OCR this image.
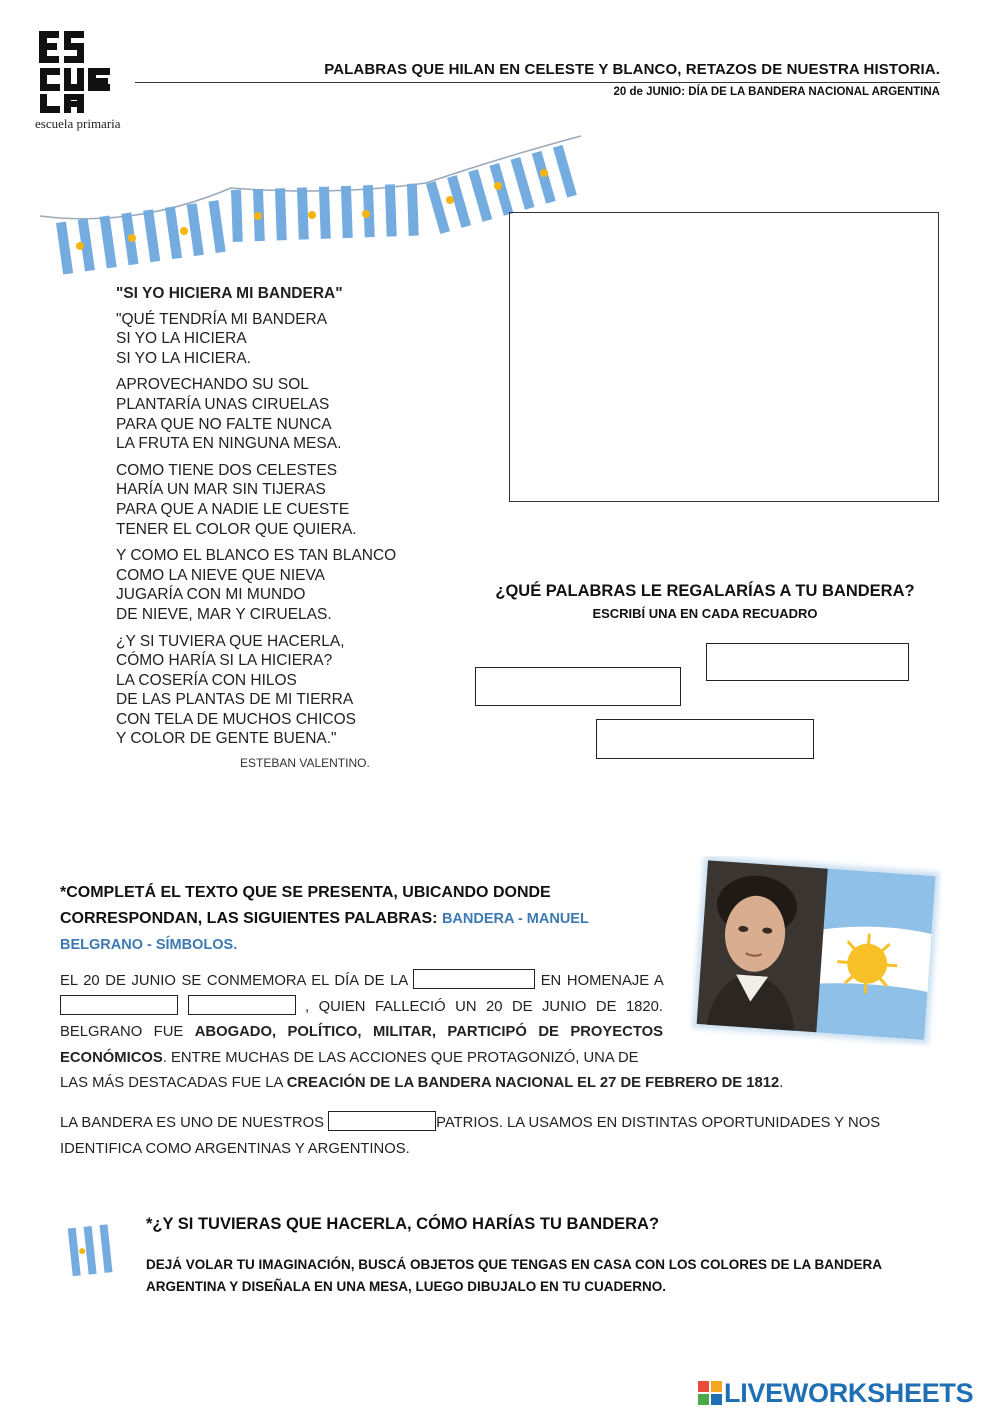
escuela primaria
PALABRAS QUE HILAN EN CELESTE Y BLANCO, RETAZOS DE NUESTRA HISTORIA.
20 de JUNIO: DÍA DE LA BANDERA NACIONAL ARGENTINA
"SI YO HICIERA MI BANDERA"
"QUÉ TENDRÍA MI BANDERA
SI YO LA HICIERA
SI YO LA HICIERA.
APROVECHANDO SU SOL
PLANTARÍA UNAS CIRUELAS
PARA QUE NO FALTE NUNCA
LA FRUTA EN NINGUNA MESA.
COMO TIENE DOS CELESTES
HARÍA UN MAR SIN TIJERAS
PARA QUE A NADIE LE CUESTE
TENER EL COLOR QUE QUIERA.
Y COMO EL BLANCO ES TAN BLANCO
COMO LA NIEVE QUE NIEVA
JUGARÍA CON MI MUNDO
DE NIEVE, MAR Y CIRUELAS.
¿Y SI TUVIERA QUE HACERLA,
CÓMO HARÍA SI LA HICIERA?
LA COSERÍA CON HILOS
DE LAS PLANTAS DE MI TIERRA
CON TELA DE MUCHOS CHICOS
Y COLOR DE GENTE BUENA."
ESTEBAN VALENTINO.
¿QUÉ PALABRAS LE REGALARÍAS A TU BANDERA?
ESCRIBÍ UNA EN CADA RECUADRO
*COMPLETÁ EL TEXTO QUE SE PRESENTA, UBICANDO DONDE CORRESPONDAN, LAS SIGUIENTES PALABRAS: BANDERA - MANUEL BELGRANO - SÍMBOLOS.
EL 20 DE JUNIO SE CONMEMORA EL DÍA DE LA	EN HOMENAJE A   , QUIEN FALLECIÓ UN 20 DE JUNIO DE 1820. BELGRANO FUE ABOGADO, POLÍTICO, MILITAR, PARTICIPÓ DE PROYECTOS ECONÓMICOS. ENTRE MUCHAS DE LAS ACCIONES QUE PROTAGONIZÓ, UNA DE
LAS MÁS DESTACADAS FUE LA CREACIÓN DE LA BANDERA NACIONAL EL 27 DE FEBRERO DE 1812.
LA BANDERA ES UNO DE NUESTROS	PATRIOS. LA USAMOS EN DISTINTAS OPORTUNIDADES Y NOS IDENTIFICA COMO ARGENTINAS Y ARGENTINOS.
*¿Y SI TUVIERAS QUE HACERLA, CÓMO HARÍAS TU BANDERA?
DEJÁ VOLAR TU IMAGINACIÓN, BUSCÁ OBJETOS QUE TENGAS EN CASA CON LOS COLORES DE LA BANDERA ARGENTINA Y DISEÑALA EN UNA MESA, LUEGO DIBUJALO EN TU CUADERNO.
LIVEWORKSHEETS
